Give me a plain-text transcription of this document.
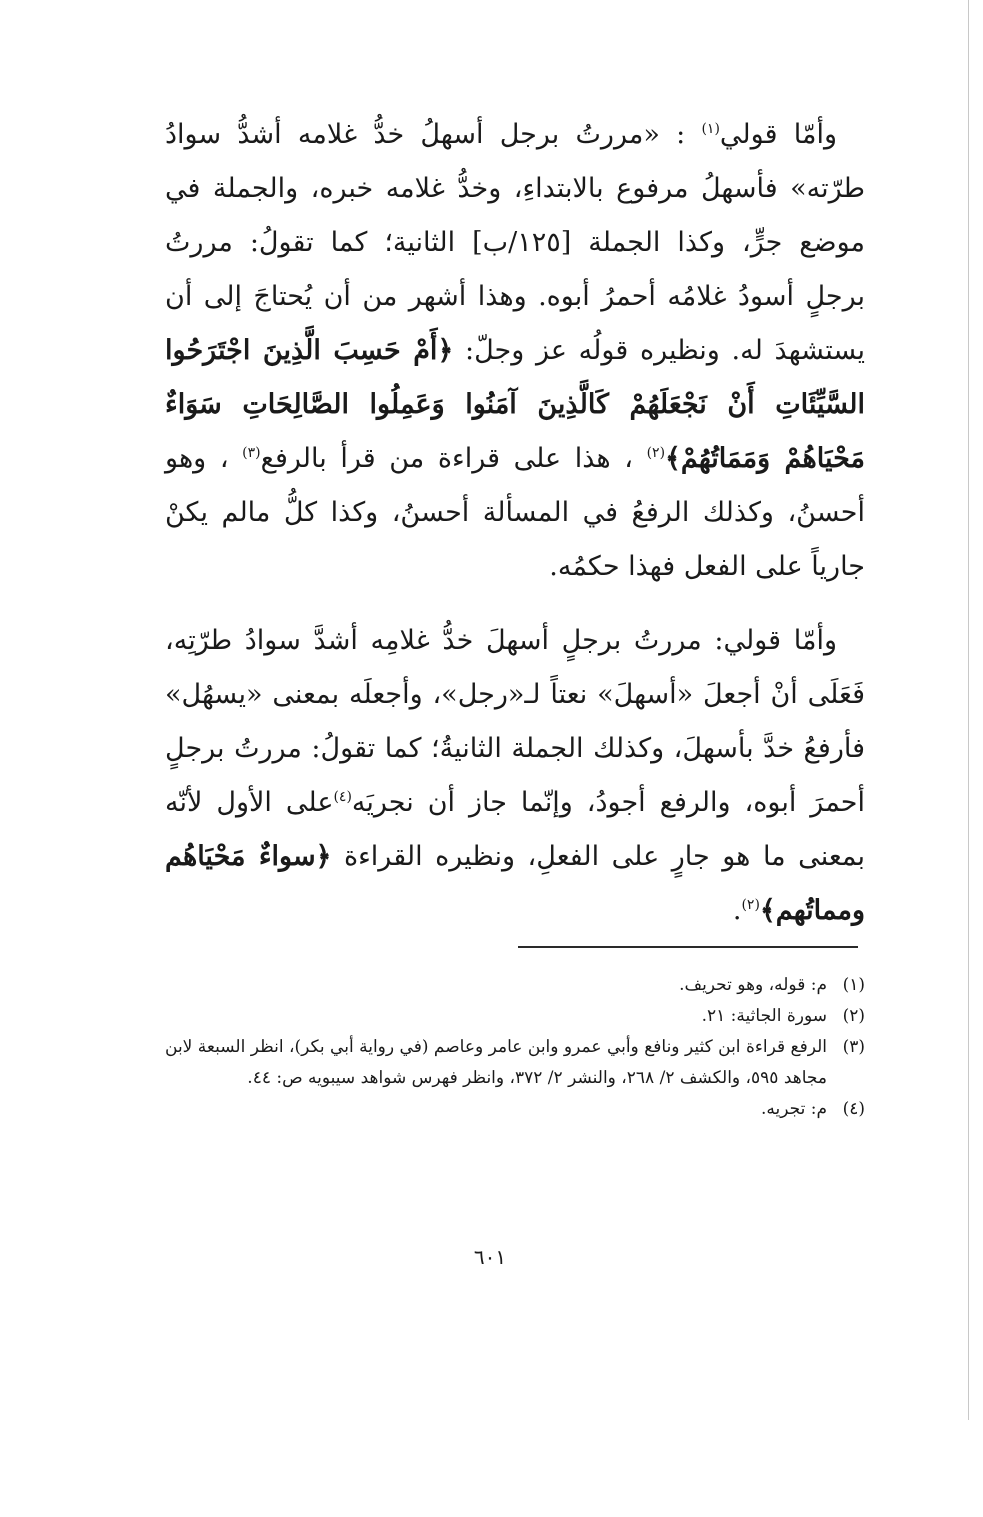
وأمّا قولي$^{(١)}$ : «مررتُ برجل أسهلُ خدُّ غلامه أشدُّ سوادُ طرّته» فأسهلُ مرفوع بالابتداءِ، وخدُّ غلامه خبره، والجملة في موضع جرٍّ، وكذا الجملة [١٢٥/ب] الثانية؛ كما تقولُ: مررتُ برجلٍ أسودُ غلامُه أحمرُ أبوه. وهذا أشهر من أن يُحتاجَ إلى أن يستشهدَ له. ونظيره قولُه عز وجلّ: ﴿أَمْ حَسِبَ الَّذِينَ اجْتَرَحُوا السَّيِّئَاتِ أَنْ نَجْعَلَهُمْ كَالَّذِينَ آمَنُوا وَعَمِلُوا الصَّالِحَاتِ سَوَاءٌ مَحْيَاهُمْ وَمَمَاتُهُمْ﴾$^{(٢)}$ ، هذا على قراءة من قرأ بالرفع$^{(٣)}$ ، وهو أحسنُ، وكذلك الرفعُ في المسألة أحسنُ، وكذا كلُّ مالم يكنْ جارياً على الفعل فهذا حكمُه.

وأمّا قولي: مررتُ برجلٍ أسهلَ خدُّ غلامِه أشدَّ سوادُ طرّتِه، فَعَلَى أنْ أجعلَ «أسهلَ» نعتاً لـ«رجل»، وأجعلَه بمعنى «يسهُل» فأرفعُ خدَّ بأسهلَ، وكذلك الجملة الثانيةُ؛ كما تقولُ: مررتُ برجلٍ أحمرَ أبوه، والرفع أجودُ، وإنّما جاز أن نجريَه$^{(٤)}$على الأول لأنّه بمعنى ما هو جارٍ على الفعلِ، ونظيره القراءة ﴿سواءٌ مَحْيَاهُم ومماتُهم﴾$^{(٢)}$.

(١)
م: قوله، وهو تحريف.
(٢)
سورة الجاثية: ٢١.
(٣)
الرفع قراءة ابن كثير ونافع وأبي عمرو وابن عامر وعاصم (في رواية أبي بكر)، انظر السبعة لابن مجاهد ٥٩٥، والكشف ٢/ ٢٦٨، والنشر ٢/ ٣٧٢، وانظر فهرس شواهد سيبويه ص: ٤٤.
(٤)
م: تجريه.
٦٠١
